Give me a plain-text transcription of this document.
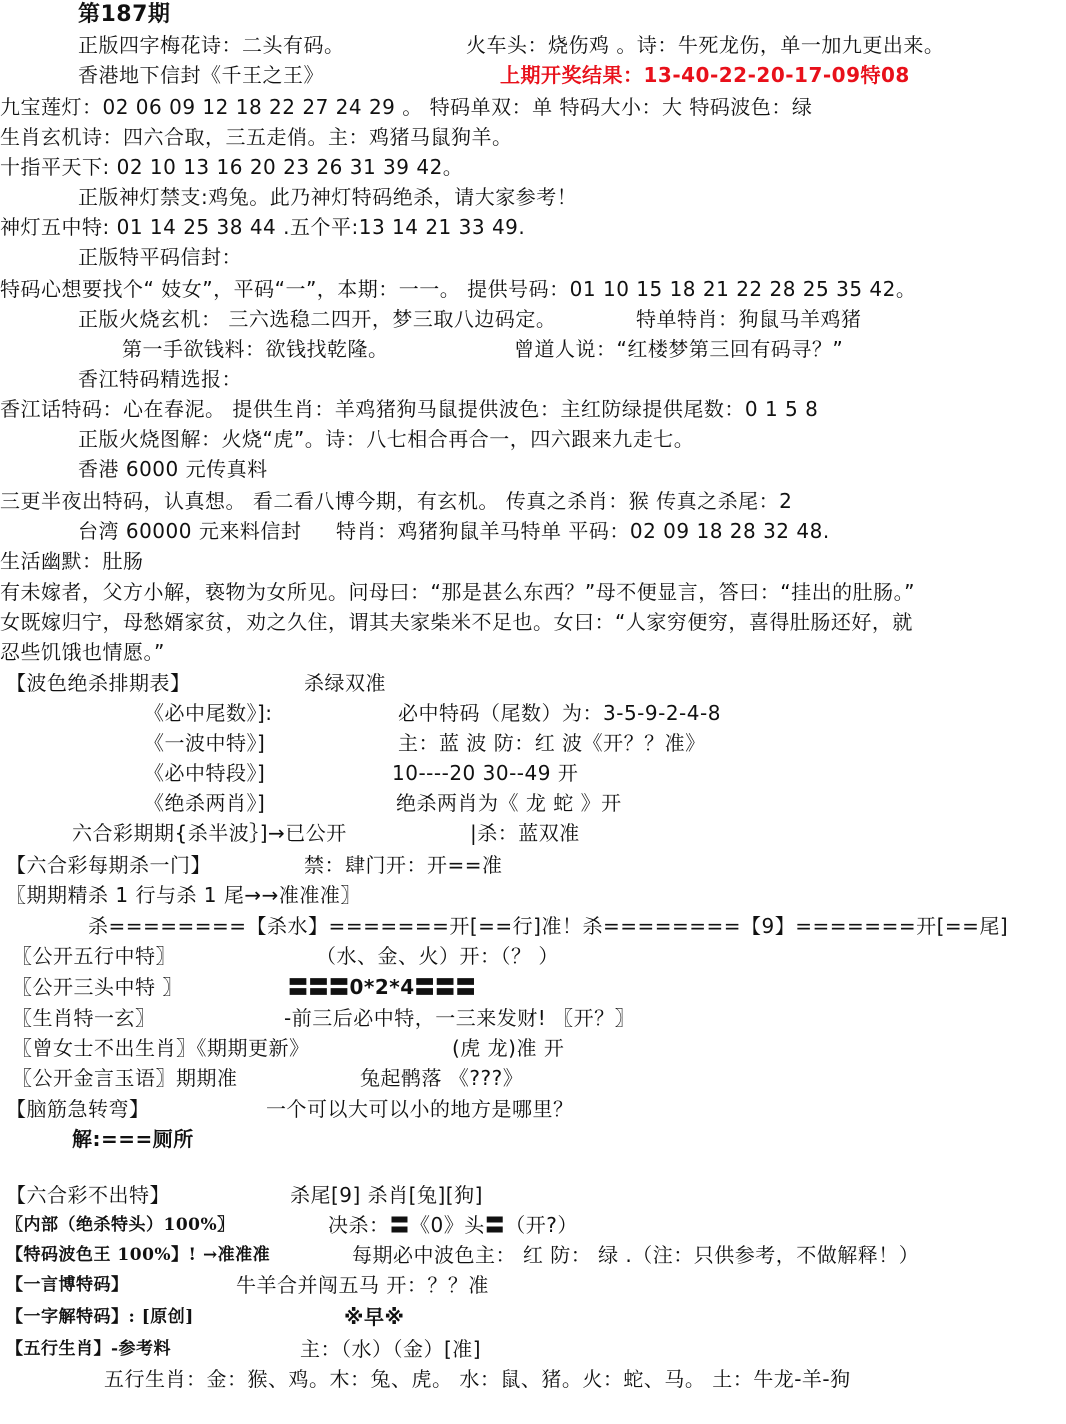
第187期
正版四字梅花诗：二头有码。	火车头：烧伤鸡 。诗：牛死龙伤，单一加九更出来。
香港地下信封《千王之王》	上期开奖结果：13-40-22-20-17-09特08
九宝莲灯：02 06 09 12 18 22 27 24 29 。 特码单双：单 特码大小：大 特码波色：绿
生肖玄机诗：四六合取，三五走俏。主：鸡猪马鼠狗羊。
十指平天下: 02 10 13 16 20 23 26 31 39 42。
正版神灯禁支:鸡兔。此乃神灯特码绝杀，请大家参考！
神灯五中特: 01 14 25 38 44 .五个平:13 14 21 33 49.
正版特平码信封：
特码心想要找个“ 妓女”，平码“一”，本期：一一。 提供号码：01 10 15 18 21 22 28 25 35 42。
正版火烧玄机： 三六选稳二四开，梦三取八边码定。	特单特肖：狗鼠马羊鸡猪
第一手欲钱料：欲钱找乾隆。	曾道人说：“红楼梦第三回有码寻？”
香江特码精选报：
香江话特码：心在春泥。 提供生肖：羊鸡猪狗马鼠提供波色：主红防绿提供尾数：0 1 5 8
正版火烧图解：火烧“虎”。诗：八七相合再合一，四六跟来九走七。
香港 6000 元传真料
三更半夜出特码，认真想。 看二看八博今期，有玄机。 传真之杀肖：猴 传真之杀尾：2
台湾 60000 元来料信封 特肖：鸡猪狗鼠羊马特单 平码：02 09 18 28 32 48.
生活幽默：肚肠
有未嫁者，父方小解，亵物为女所见。问母曰：“那是甚么东西？”母不便显言，答曰：“挂出的肚肠。”
女既嫁归宁，母愁婿家贫，劝之久住，谓其夫家柴米不足也。女曰：“人家穷便穷，喜得肚肠还好，就
忍些饥饿也情愿。”
【波色绝杀排期表】	杀绿双准
《必中尾数》]:	必中特码（尾数）为：3-5-9-2-4-8
《一波中特》]	主：蓝 波 防：红 波《开？？准》
《必中特段》]	10----20 30--49 开
《绝杀两肖》]	绝杀两肖为《 龙 蛇 》开
六合彩期期{杀半波｝]→已公开	|杀：蓝双准
【六合彩每期杀一门】	禁：肆门开：开==准
〖期期精杀 1 行与杀 1 尾→→准准准〗
杀========【杀水】=======开[==行]准！杀========【9】=======开[==尾]
〖公开五行中特〗	（水、金、火）开：（？ ）
〖公开三头中特 〗	〓〓〓0*2*4〓〓〓
〖生肖特一玄〗	-前三后必中特，一三来发财! 〖开？〗
〖曾女士不出生肖〗《期期更新》	(虎 龙)准 开
〖公开金言玉语〗期期准	兔起鹘落 《???》
【脑筋急转弯】	一个可以大可以小的地方是哪里？
解:===厕所
【六合彩不出特】	杀尾[9] 杀肖[兔][狗]
〖内部（绝杀特头）100%〗	决杀：〓《0》头〓（开?）
【特码波色王 100%】! →准准准	每期必中波色主： 红 防： 绿 .（注：只供参考，不做解释！）
【一言博特码】	牛羊合并闯五马 开：？？准
【一字解特码】: [原创]	※早※
【五行生肖】-参考料	主：（水）（金）[准]
五行生肖：金：猴、鸡。木：兔、虎。 水：鼠、猪。火：蛇、马。 土：牛龙-羊-狗
